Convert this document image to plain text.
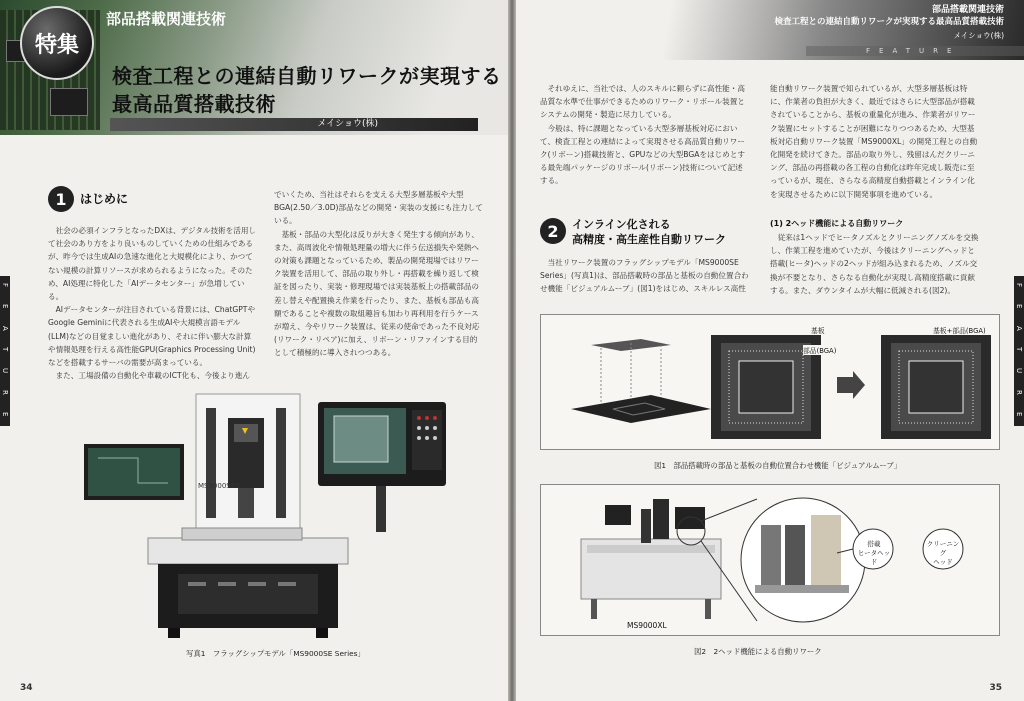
特集
部品搭載関連技術
検査工程との連結自動リワークが実現する
最高品質搭載技術
メイショウ(株)
1	はじめに

社会の必須インフラとなったDXは、デジタル技術を活用して社会のあり方をより良いものしていくための仕組みであるが、昨今では生成AIの急速な進化と大規模化により、かつてない規模の計算リソースが求められるようになった。そのため、AI処理に特化した「AIデータセンター」が急増している。

AIデータセンターが注目されている背景には、ChatGPTやGoogle Geminiに代表される生成AIや大規模言語モデル(LLM)などの目覚ましい進化があり、それに伴い膨大な計算や情報処理を行える高性能GPU(Graphics Processing Unit)などを搭載するサーバの需要が高まっている。

また、工場設備の自動化や車載のICT化も、今後より進ん

でいくため、当社はそれらを支える大型多層基板や大型BGA(2.50／3.0D)部品などの開発・実装の支援にも注力している。

基板・部品の大型化は反りが大きく発生する傾向があり、また、高周波化や情報処理量の増大に伴う伝送損失や発熱への対策も課題となっているため、製品の開発現場ではリワーク装置を活用して、部品の取り外し・再搭載を繰り返して検証を図ったり、実装・修理現場では実装基板上の搭載部品の差し替えや配置換え作業を行ったり、また、基板も部品も高額であることや複数の取組趣旨も加わり再利用を行うケースが増え、今やリワーク装置は、従来の使命であった不良対応(リワーク・リペア)に加え、リボーン・リファインする目的として積極的に導入されつつある。

MS9000SEII
写真1　フラッグシップモデル「MS9000SE Series」
F
E
A
T
U
R
E
34
部品搭載関連技術
検査工程との連結自動リワークが実現する最高品質搭載技術
メイショウ(株)
FEATURE

それゆえに、当社では、人のスキルに頼らずに高性能・高品質な水準で仕事ができるためのリワーク・リボール装置とシステムの開発・製造に尽力している。

今般は、特に課題となっている大型多層基板対応において、検査工程との連結によって実現させる高品質自動リワーク(リボーン)搭載技術と、GPUなどの大型BGAをはじめとする最先端パッケージのリボール(リボーン)技術について記述する。

2	インライン化される
高精度・高生産性自動リワーク

当社リワーク装置のフラッグシップモデル「MS9000SE Series」(写真1)は、部品搭載時の部品と基板の自動位置合わせ機能「ビジュアルムーブ」(図1)をはじめ、スキルレス高性

能自動リワーク装置で知られているが、大型多層基板は特に、作業者の負担が大きく、最近ではさらに大型部品が搭載されていることから、基板の重量化が進み、作業者がリワーク装置にセットすることが困難になりつつあるため、大型基板対応自動リワーク装置「MS9000XL」の開発工程との自動化開発を続けてきた。部品の取り外し、残留はんだクリーニング、部品の再搭載の各工程の自動化は昨年完成し販売に至っているが、現在、さらなる高精度自動搭載とインライン化を実現させるために以下開発事項を進めている。

(1) 2ヘッド機能による自動リワーク

従来は1ヘッドでヒータノズルとクリーニングノズルを交換し、作業工程を進めていたが、今後はクリーニングヘッドと搭載(ヒータ)ヘッドの2ヘッドが組み込まれるため、ノズル交換が不要となり、さらなる自動化が実現し高精度搭載に貢献する。また、ダウンタイムが大幅に低減される(図2)。

基板
部品(BGA)
基板+部品(BGA)
図1　部品搭載時の部品と基板の自動位置合わせ機能「ビジュアルムーブ」
搭載
ヒータヘッド
クリーニング
ヘッド
MS9000XL
図2　2ヘッド機能による自動リワーク
F
E
A
T
U
R
E
35
